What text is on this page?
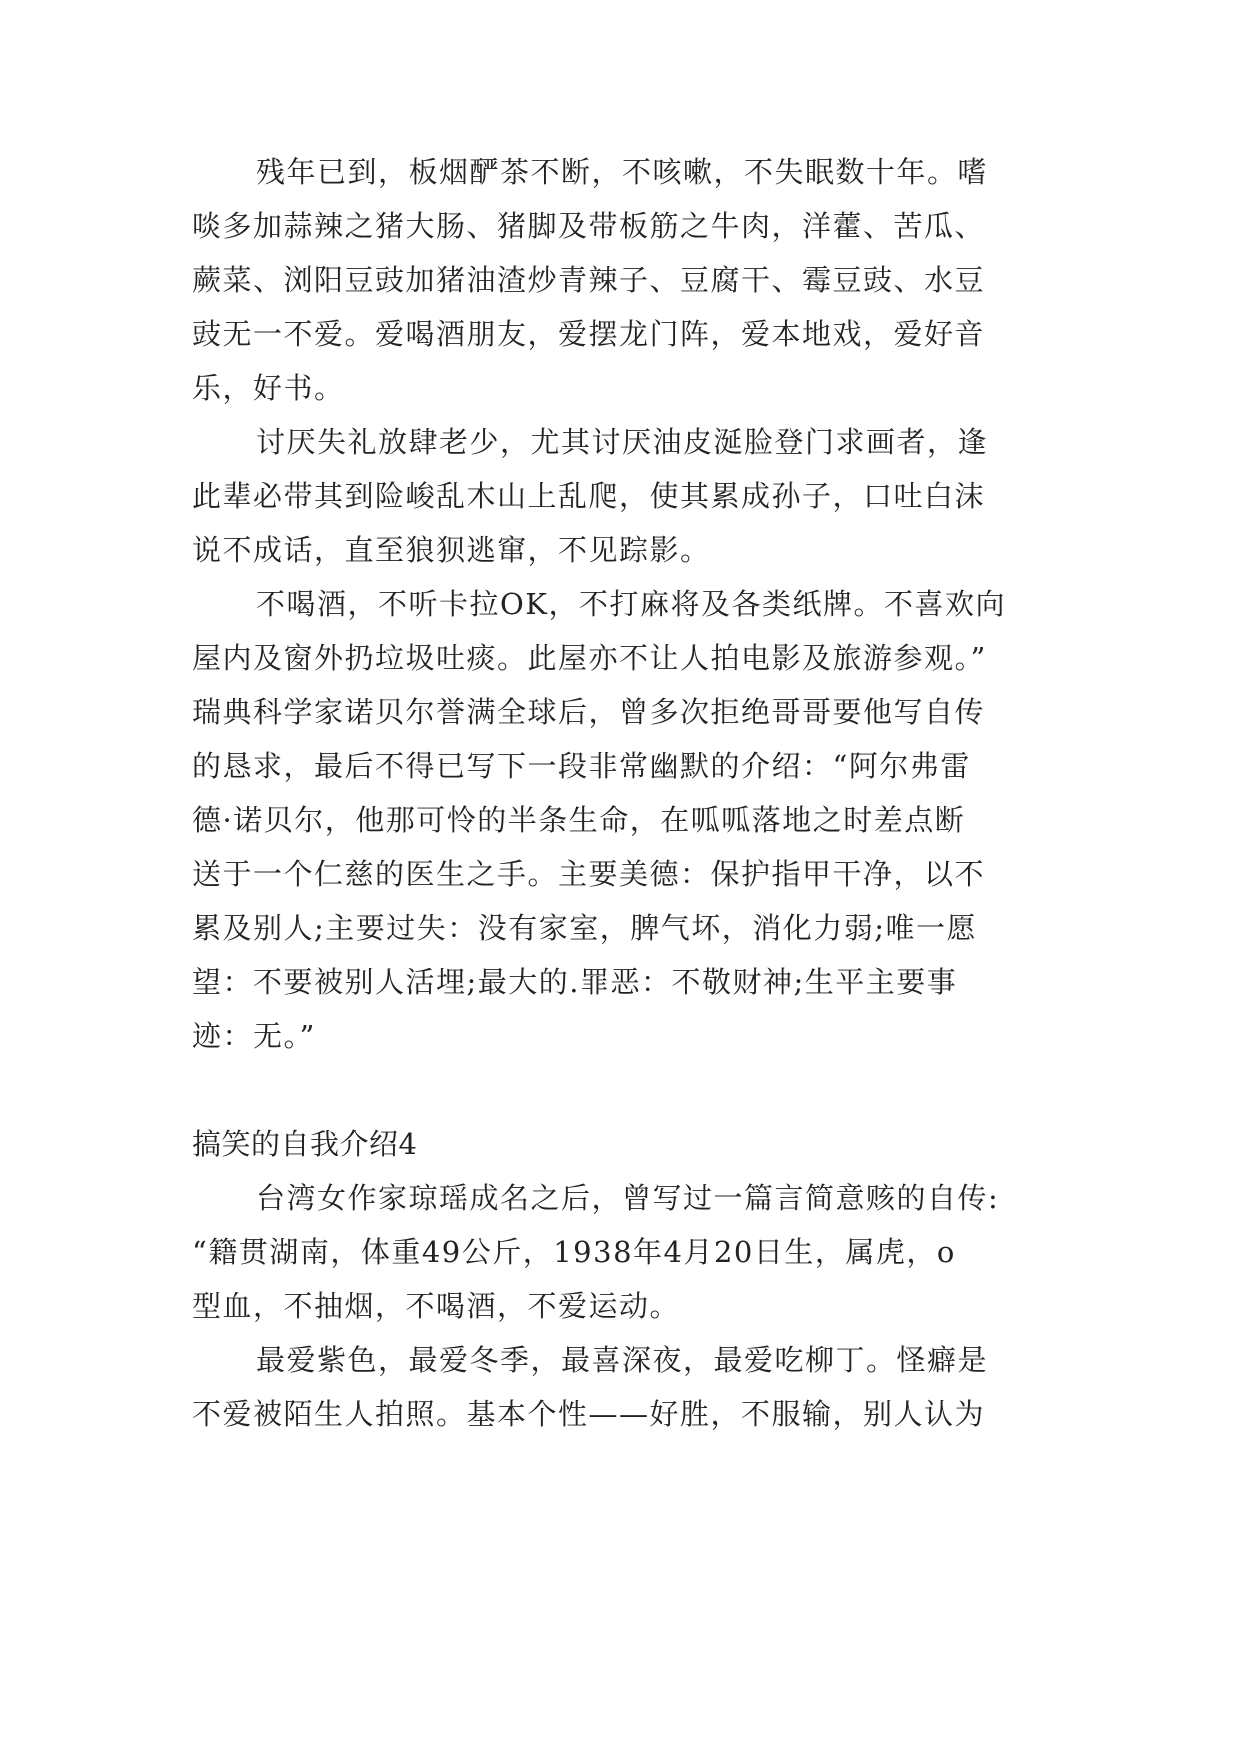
残年已到，板烟酽茶不断，不咳嗽，不失眠数十年。嗜
啖多加蒜辣之猪大肠、猪脚及带板筋之牛肉，洋藿、苦瓜、
蕨菜、浏阳豆豉加猪油渣炒青辣子、豆腐干、霉豆豉、水豆
豉无一不爱。爱喝酒朋友，爱摆龙门阵，爱本地戏，爱好音
乐，好书。
讨厌失礼放肆老少，尤其讨厌油皮涎脸登门求画者，逢
此辈必带其到险峻乱木山上乱爬，使其累成孙子，口吐白沫
说不成话，直至狼狈逃窜，不见踪影。
不喝酒，不听卡拉OK，不打麻将及各类纸牌。不喜欢向
屋内及窗外扔垃圾吐痰。此屋亦不让人拍电影及旅游参观。”
瑞典科学家诺贝尔誉满全球后，曾多次拒绝哥哥要他写自传
的恳求，最后不得已写下一段非常幽默的介绍：“阿尔弗雷
德·诺贝尔，他那可怜的半条生命，在呱呱落地之时差点断
送于一个仁慈的医生之手。主要美德：保护指甲干净，以不
累及别人;主要过失：没有家室，脾气坏，消化力弱;唯一愿
望：不要被别人活埋;最大的.罪恶：不敬财神;生平主要事
迹：无。”
搞笑的自我介绍4
台湾女作家琼瑶成名之后，曾写过一篇言简意赅的自传:
“籍贯湖南，体重49公斤，1938年4月20日生，属虎，o
型血，不抽烟，不喝酒，不爱运动。
最爱紫色，最爱冬季，最喜深夜，最爱吃柳丁。怪癖是
不爱被陌生人拍照。基本个性——好胜，不服输，别人认为
